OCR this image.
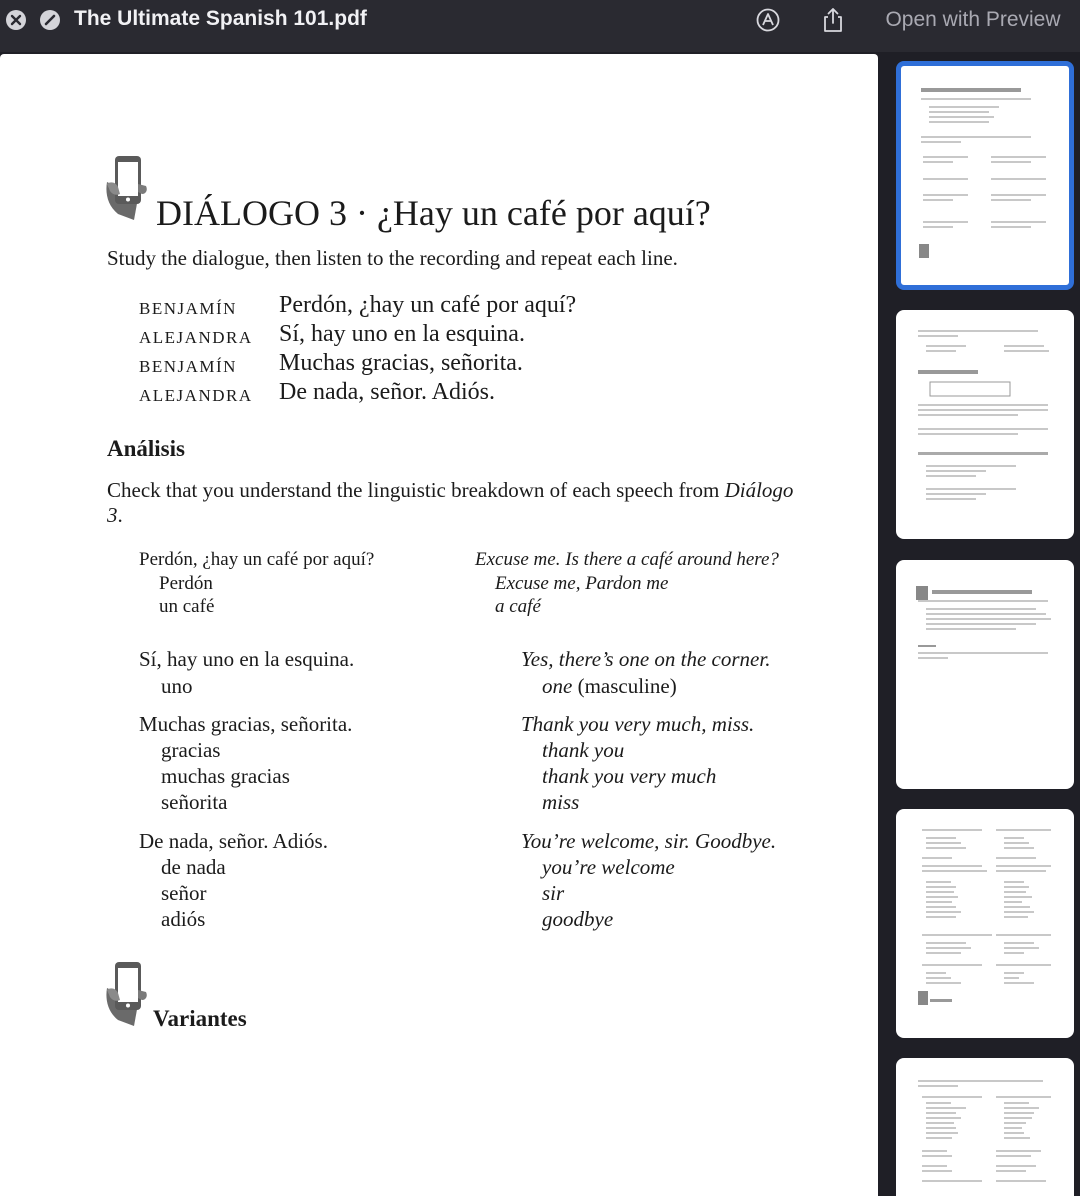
The Ultimate Spanish 101.pdf	Open with Preview
DIÁLOGO 3 · ¿Hay un café por aquí?
Study the dialogue, then listen to the recording and repeat each line.
BENJAMÍN Perdón, ¿hay un café por aquí?
ALEJANDRA Sí, hay uno en la esquina.
BENJAMÍN Muchas gracias, señorita.
ALEJANDRA De nada, señor. Adiós.
Análisis
Check that you understand the linguistic breakdown of each speech from Diálogo 3.
Perdón, ¿hay un café por aquí?
Perdón
un café
Excuse me. Is there a café around here?
Excuse me, Pardon me
a café
Sí, hay uno en la esquina.
uno
Yes, there’s one on the corner.
one (masculine)
Muchas gracias, señorita.
gracias
muchas gracias
señorita
Thank you very much, miss.
thank you
thank you very much
miss
De nada, señor. Adiós.
de nada
señor
adiós
You’re welcome, sir. Goodbye.
you’re welcome
sir
goodbye
Variantes
